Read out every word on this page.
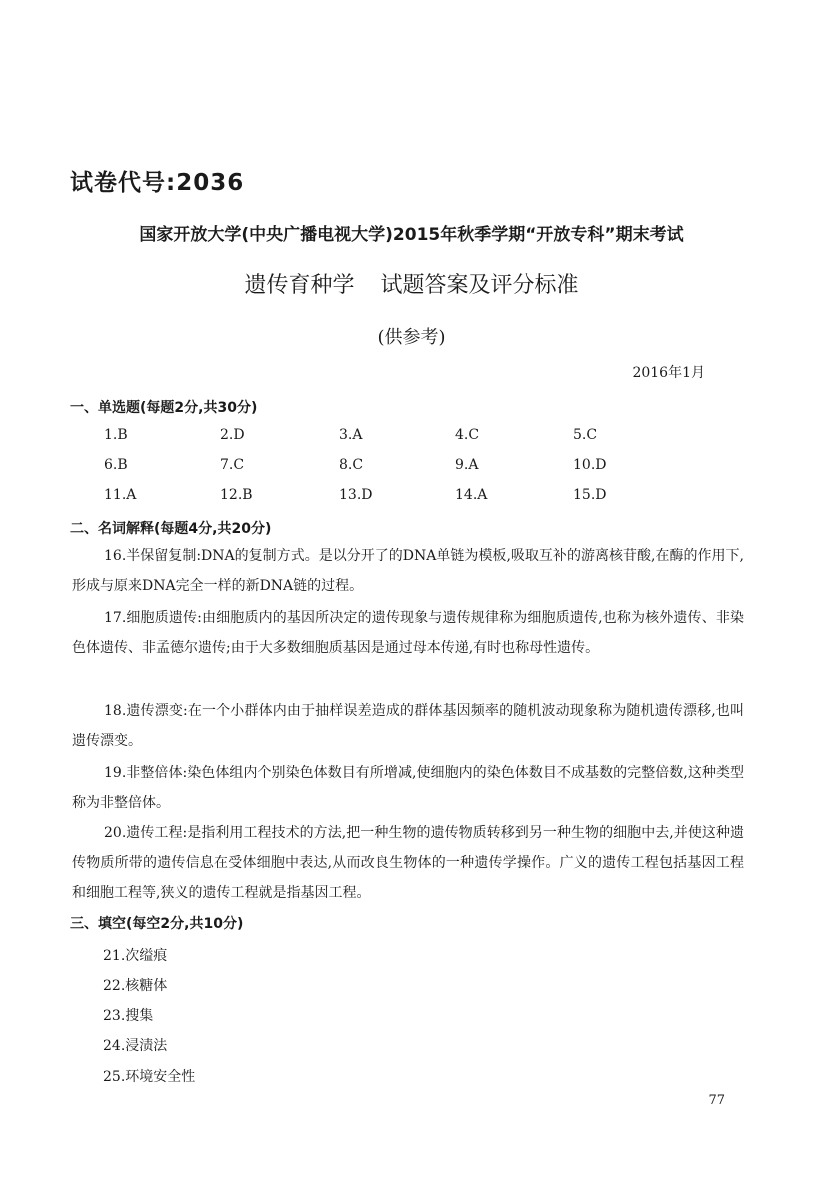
试卷代号:2036
国家开放大学(中央广播电视大学)2015年秋季学期“开放专科”期末考试
遗传育种学 试题答案及评分标准
(供参考)
2016年1月
一、单选题(每题2分,共30分)
1.B	2.D	3.A	4.C	5.C
6.B	7.C	8.C	9.A	10.D
11.A	12.B	13.D	14.A	15.D
二、名词解释(每题4分,共20分)
16.半保留复制:DNA的复制方式。是以分开了的DNA单链为模板,吸取互补的游离核苷酸,在酶的作用下,形成与原来DNA完全一样的新DNA链的过程。
17.细胞质遗传:由细胞质内的基因所决定的遗传现象与遗传规律称为细胞质遗传,也称为核外遗传、非染色体遗传、非孟德尔遗传;由于大多数细胞质基因是通过母本传递,有时也称母性遗传。
18.遗传漂变:在一个小群体内由于抽样误差造成的群体基因频率的随机波动现象称为随机遗传漂移,也叫遗传漂变。
19.非整倍体:染色体组内个别染色体数目有所增减,使细胞内的染色体数目不成基数的完整倍数,这种类型称为非整倍体。
20.遗传工程:是指利用工程技术的方法,把一种生物的遗传物质转移到另一种生物的细胞中去,并使这种遗传物质所带的遗传信息在受体细胞中表达,从而改良生物体的一种遗传学操作。广义的遗传工程包括基因工程和细胞工程等,狭义的遗传工程就是指基因工程。
三、填空(每空2分,共10分)
21.次缢痕
22.核糖体
23.搜集
24.浸渍法
25.环境安全性
77
